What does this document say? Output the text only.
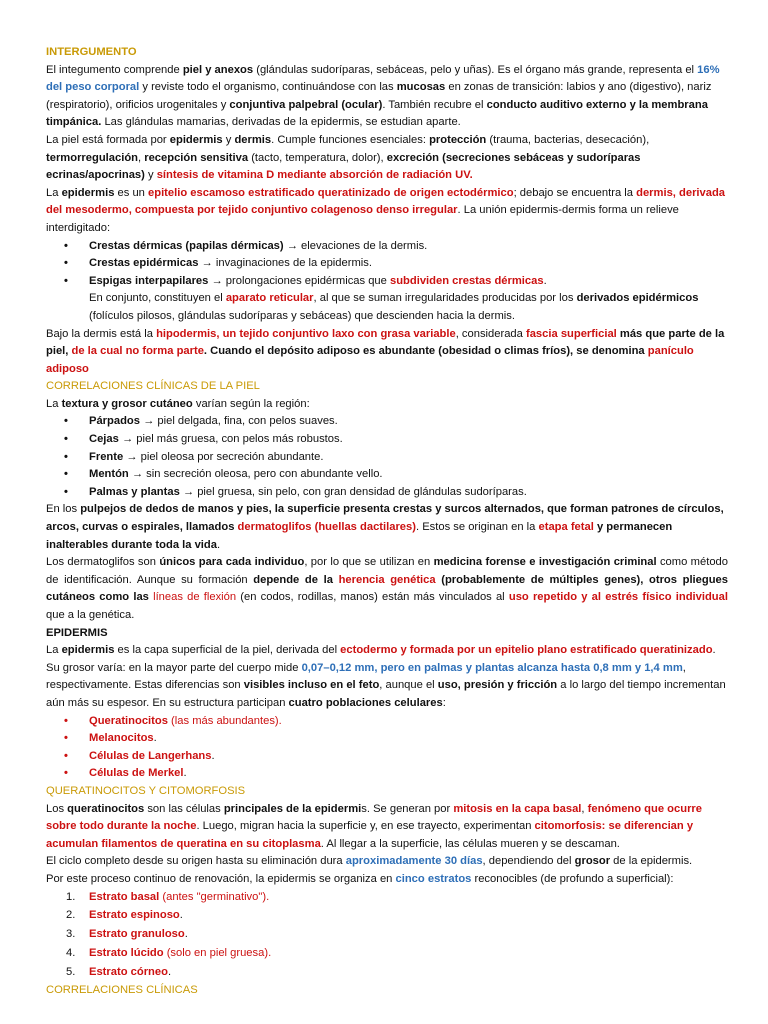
INTERGUMENTO

El integumento comprende piel y anexos (glándulas sudoríparas, sebáceas, pelo y uñas). Es el órgano más grande, representa el 16% del peso corporal y reviste todo el organismo, continuándose con las mucosas en zonas de transición: labios y ano (digestivo), nariz (respiratorio), orificios urogenitales y conjuntiva palpebral (ocular). También recubre el conducto auditivo externo y la membrana timpánica. Las glándulas mamarias, derivadas de la epidermis, se estudian aparte.

La piel está formada por epidermis y dermis. Cumple funciones esenciales: protección (trauma, bacterias, desecación), termorregulación, recepción sensitiva (tacto, temperatura, dolor), excreción (secreciones sebáceas y sudoríparas ecrinas/apocrinas) y síntesis de vitamina D mediante absorción de radiación UV.

La epidermis es un epitelio escamoso estratificado queratinizado de origen ectodérmico; debajo se encuentra la dermis, derivada del mesodermo, compuesta por tejido conjuntivo colagenoso denso irregular. La unión epidermis-dermis forma un relieve interdigitado:

• Crestas dérmicas (papilas dérmicas) → elevaciones de la dermis.
• Crestas epidérmicas → invaginaciones de la epidermis.
• Espigas interpapilares → prolongaciones epidérmicas que subdividen crestas dérmicas.

En conjunto, constituyen el aparato reticular, al que se suman irregularidades producidas por los derivados epidérmicos (folículos pilosos, glándulas sudoríparas y sebáceas) que descienden hacia la dermis.

Bajo la dermis está la hipodermis, un tejido conjuntivo laxo con grasa variable, considerada fascia superficial más que parte de la piel, de la cual no forma parte. Cuando el depósito adiposo es abundante (obesidad o climas fríos), se denomina panículo adiposo

CORRELACIONES CLÍNICAS DE LA PIEL

La textura y grosor cutáneo varían según la región:

• Párpados → piel delgada, fina, con pelos suaves.
• Cejas → piel más gruesa, con pelos más robustos.
• Frente → piel oleosa por secreción abundante.
• Mentón → sin secreción oleosa, pero con abundante vello.
• Palmas y plantas → piel gruesa, sin pelo, con gran densidad de glándulas sudoríparas.

En los pulpejos de dedos de manos y pies, la superficie presenta crestas y surcos alternados, que forman patrones de círculos, arcos, curvas o espirales, llamados dermatoglifos (huellas dactilares). Estos se originan en la etapa fetal y permanecen inalterables durante toda la vida.

Los dermatoglifos son únicos para cada individuo, por lo que se utilizan en medicina forense e investigación criminal como método de identificación. Aunque su formación depende de la herencia genética (probablemente de múltiples genes), otros pliegues cutáneos como las líneas de flexión (en codos, rodillas, manos) están más vinculados al uso repetido y al estrés físico individual que a la genética.

EPIDERMIS

La epidermis es la capa superficial de la piel, derivada del ectodermo y formada por un epitelio plano estratificado queratinizado.

Su grosor varía: en la mayor parte del cuerpo mide 0,07–0,12 mm, pero en palmas y plantas alcanza hasta 0,8 mm y 1,4 mm, respectivamente. Estas diferencias son visibles incluso en el feto, aunque el uso, presión y fricción a lo largo del tiempo incrementan aún más su espesor. En su estructura participan cuatro poblaciones celulares:

• Queratinocitos (las más abundantes).
• Melanocitos.
• Células de Langerhans.
• Células de Merkel.

QUERATINOCITOS Y CITOMORFOSIS

Los queratinocitos son las células principales de la epidermis. Se generan por mitosis en la capa basal, fenómeno que ocurre sobre todo durante la noche. Luego, migran hacia la superficie y, en ese trayecto, experimentan citomorfosis: se diferencian y acumulan filamentos de queratina en su citoplasma. Al llegar a la superficie, las células mueren y se descaman.

El ciclo completo desde su origen hasta su eliminación dura aproximadamente 30 días, dependiendo del grosor de la epidermis.

Por este proceso continuo de renovación, la epidermis se organiza en cinco estratos reconocibles (de profundo a superficial):

1. Estrato basal (antes "germinativo").
2. Estrato espinoso.
3. Estrato granuloso.
4. Estrato lúcido (solo en piel gruesa).
5. Estrato córneo.

CORRELACIONES CLÍNICAS
